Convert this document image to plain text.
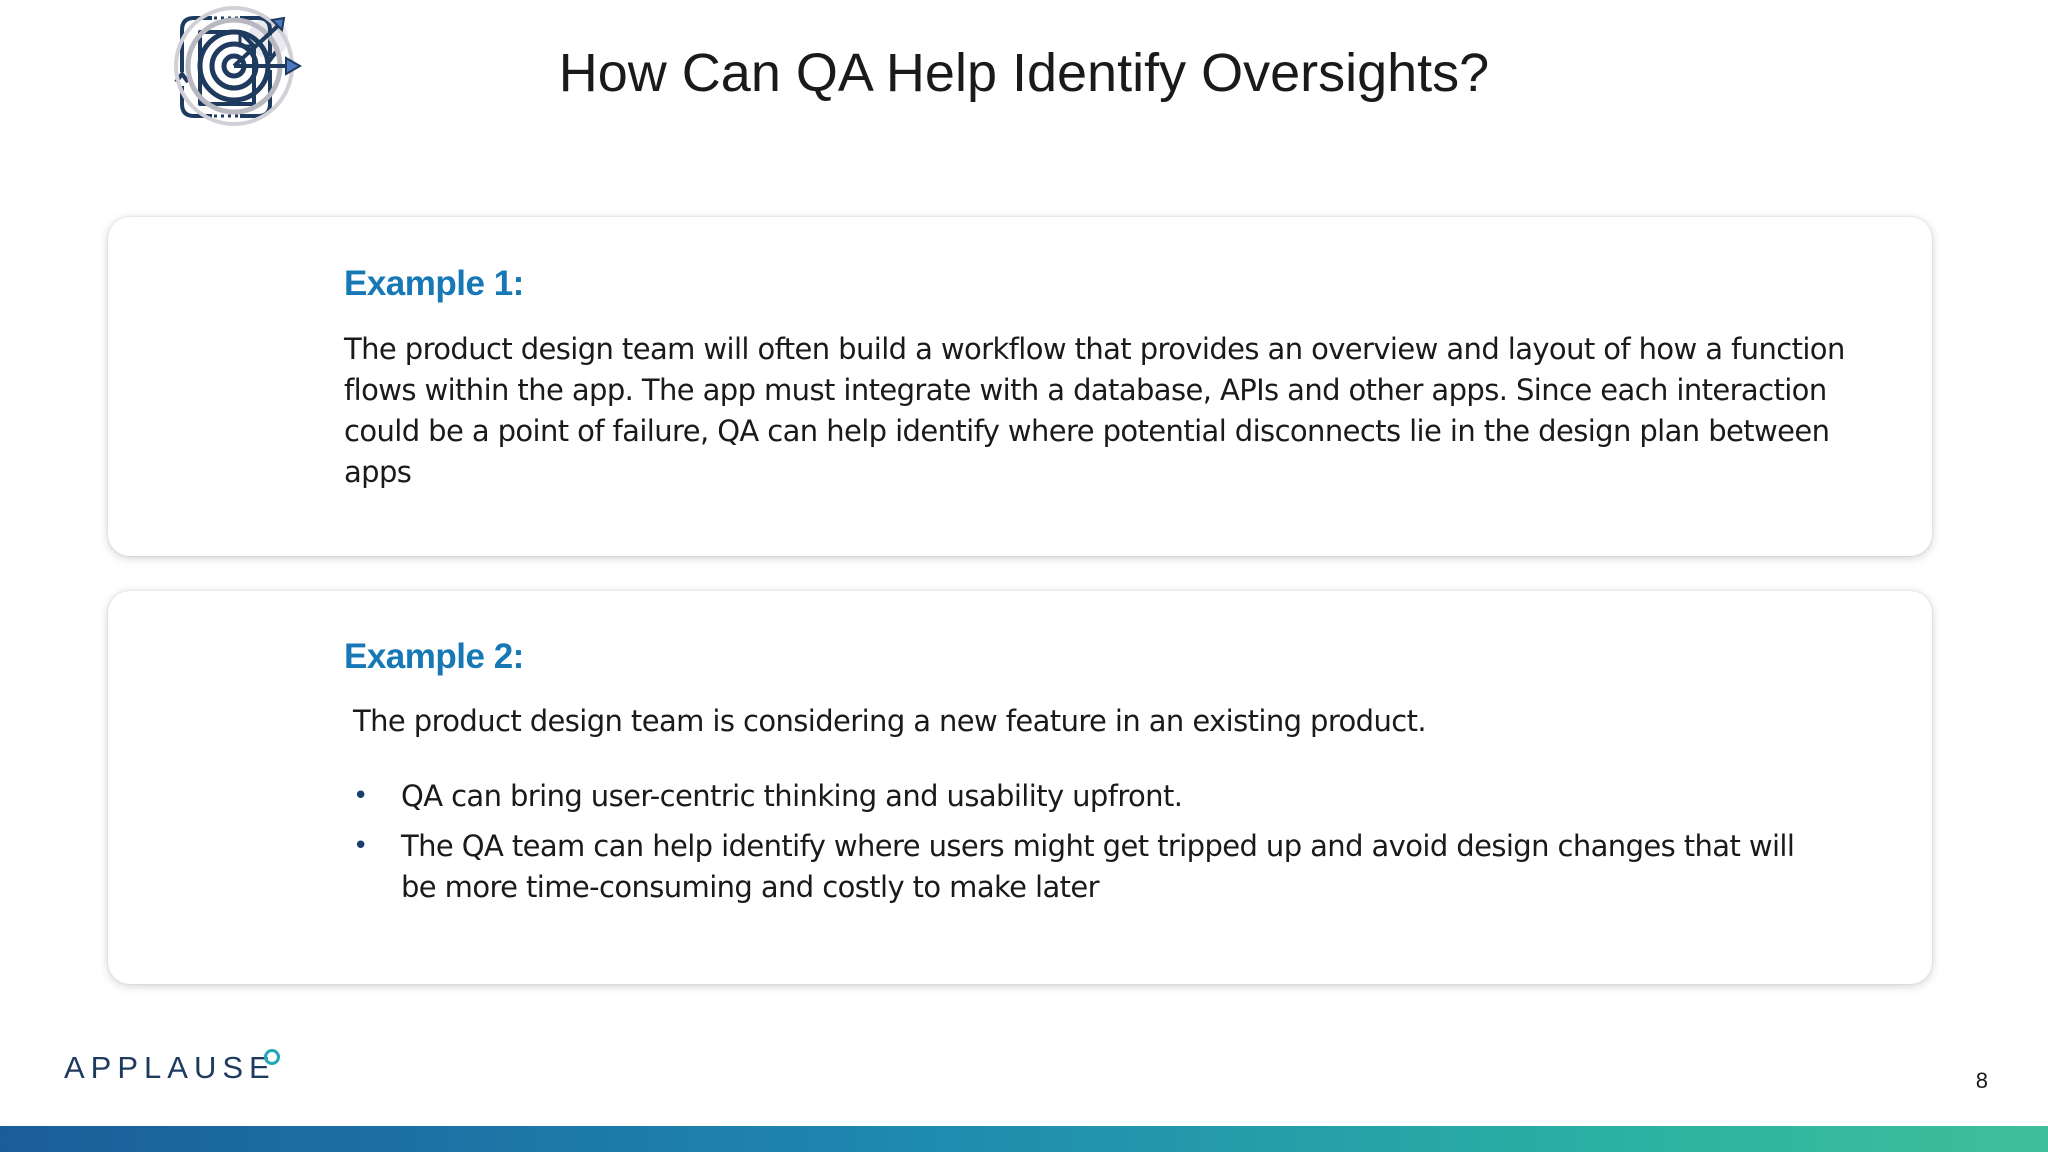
How Can QA Help Identify Oversights?
Example 1:
The product design team will often build a workflow that provides an overview and layout of how a function flows within the app. The app must integrate with a database, APIs and other apps. Since each interaction could be a point of failure, QA can help identify where potential disconnects lie in the design plan between apps
Example 2:
The product design team is considering a new feature in an existing product.
• QA can bring user-centric thinking and usability upfront.
• The QA team can help identify where users might get tripped up and avoid design changes that will be more time-consuming and costly to make later
APPLAUSE	8
